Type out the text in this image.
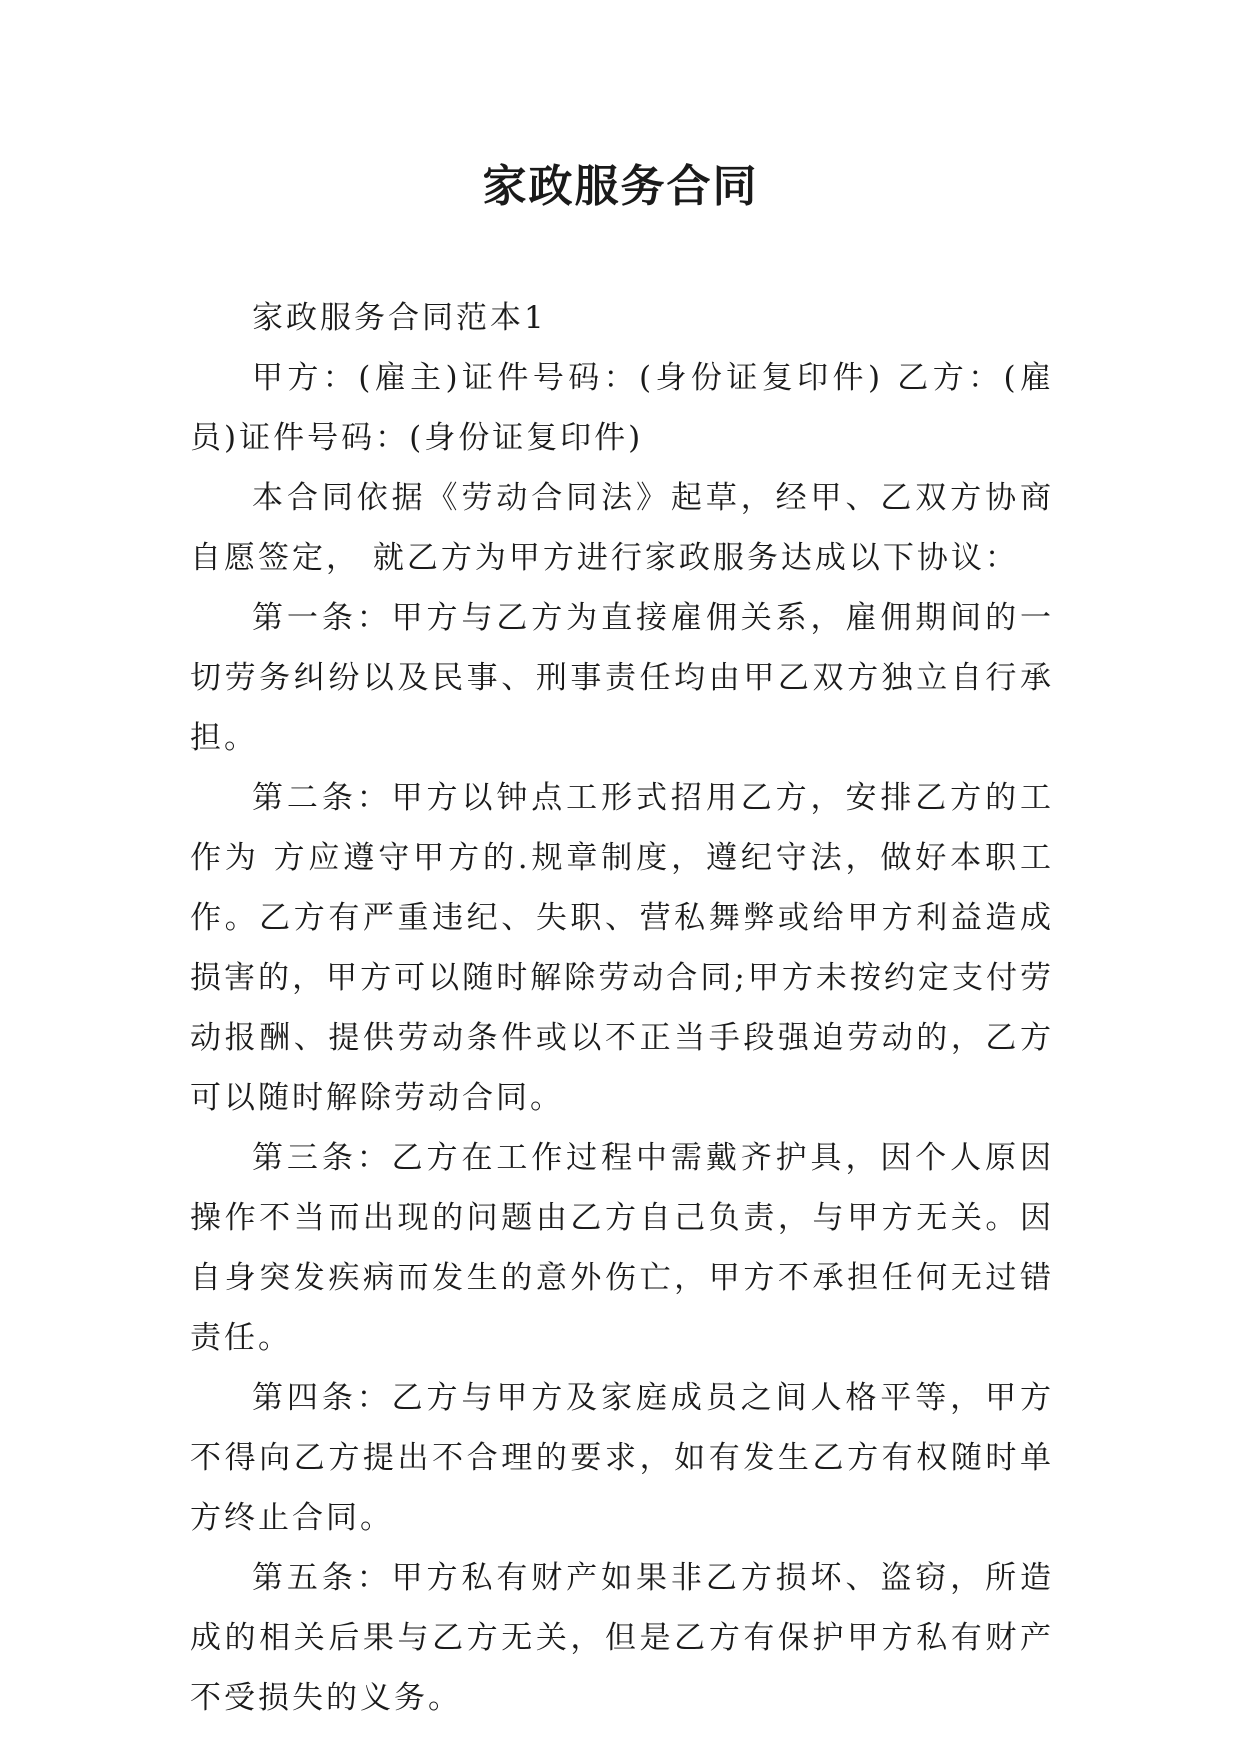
家政服务合同

家政服务合同范本1

甲方：(雇主)证件号码：(身份证复印件) 乙方：(雇员)证件号码：(身份证复印件)

本合同依据《劳动合同法》起草，经甲、乙双方协商自愿签定， 就乙方为甲方进行家政服务达成以下协议：

第一条：甲方与乙方为直接雇佣关系，雇佣期间的一切劳务纠纷以及民事、刑事责任均由甲乙双方独立自行承担。

第二条：甲方以钟点工形式招用乙方，安排乙方的工作为 方应遵守甲方的.规章制度，遵纪守法，做好本职工作。乙方有严重违纪、失职、营私舞弊或给甲方利益造成损害的，甲方可以随时解除劳动合同;甲方未按约定支付劳动报酬、提供劳动条件或以不正当手段强迫劳动的，乙方可以随时解除劳动合同。

第三条：乙方在工作过程中需戴齐护具，因个人原因操作不当而出现的问题由乙方自己负责，与甲方无关。因自身突发疾病而发生的意外伤亡，甲方不承担任何无过错责任。

第四条：乙方与甲方及家庭成员之间人格平等，甲方不得向乙方提出不合理的要求，如有发生乙方有权随时单方终止合同。

第五条：甲方私有财产如果非乙方损坏、盗窃，所造成的相关后果与乙方无关，但是乙方有保护甲方私有财产不受损失的义务。
